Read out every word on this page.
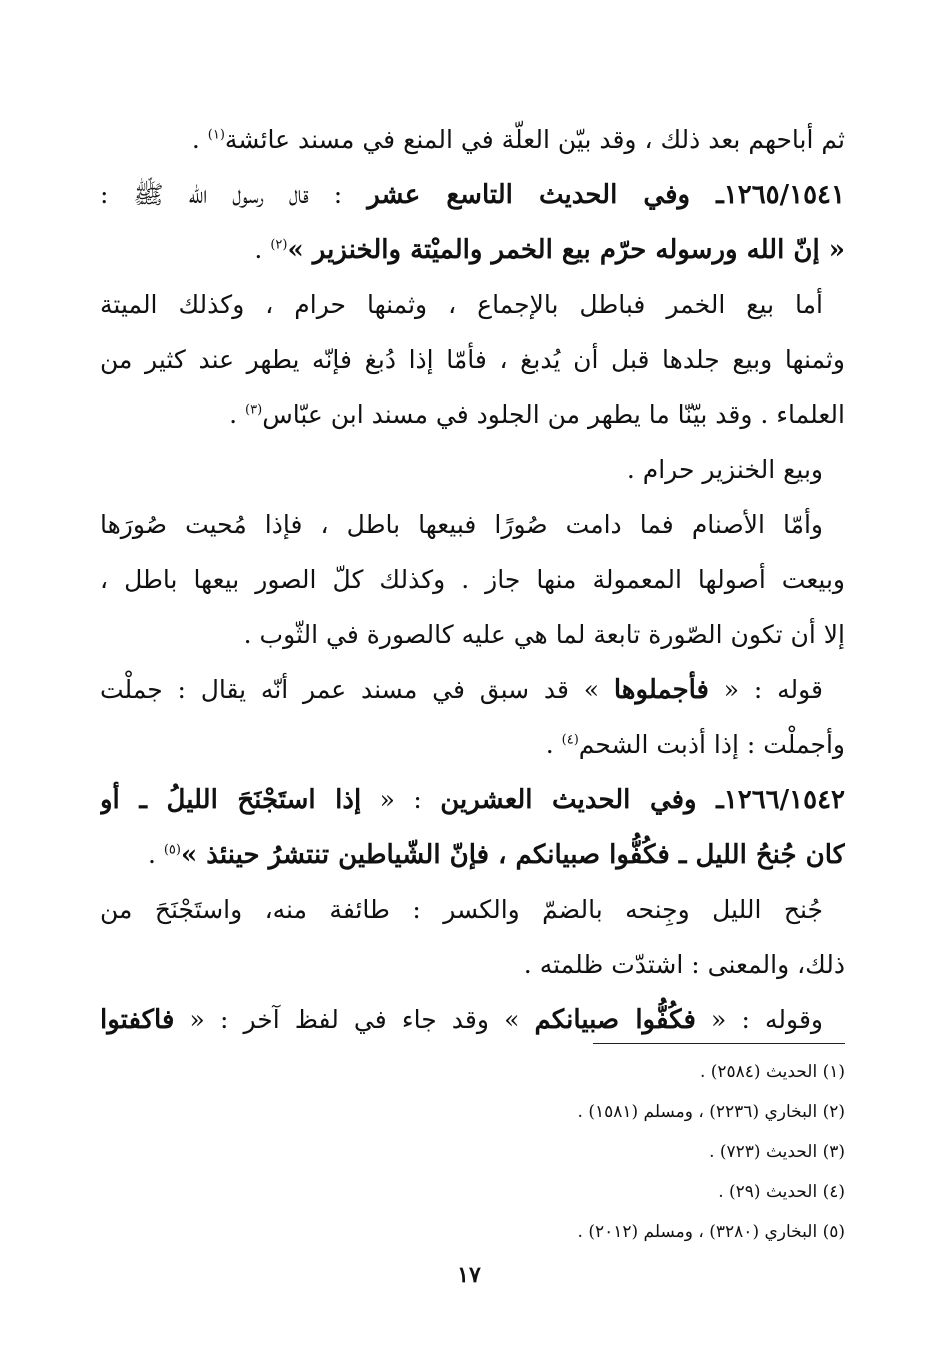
ثم أباحهم بعد ذلك ، وقد بيّن العلّة في المنع في مسند عائشة$^{(١)}$ .
١٢٦٥/١٥٤١ـ وفي الحديث التاسع عشر : قال رسول الله ﷺ :
« إنّ الله ورسوله حرّم بيع الخمر والميْتة والخنزير »$^{(٢)}$ .
أما بيع الخمر فباطل بالإجماع ، وثمنها حرام ، وكذلك الميتة
وثمنها وبيع جلدها قبل أن يُدبغ ، فأمّا إذا دُبغ فإنّه يطهر عند كثير من
العلماء . وقد بيّنّا ما يطهر من الجلود في مسند ابن عبّاس$^{(٣)}$ .
وبيع الخنزير حرام .
وأمّا الأصنام فما دامت صُورًا فبيعها باطل ، فإذا مُحيت صُورَها
وبيعت أصولها المعمولة منها جاز . وكذلك كلّ الصور بيعها باطل ،
إلا أن تكون الصّورة تابعة لما هي عليه كالصورة في الثّوب .
قوله : « فأجملوها » قد سبق في مسند عمر أنّه يقال : جملْت
وأجملْت : إذا أذبت الشحم$^{(٤)}$ .
١٢٦٦/١٥٤٢ـ وفي الحديث العشرين : « إذا استَجْنَحَ الليلُ ـ أو
كان جُنحُ الليل ـ فكُفُّوا صبيانكم ، فإنّ الشّياطين تنتشرُ حينئذ »$^{(٥)}$ .
جُنح الليل وجِنحه بالضمّ والكسر : طائفة منه، واستَجْنَحَ من
ذلك، والمعنى : اشتدّت ظلمته .
وقوله : « فكُفُّوا صبيانكم » وقد جاء في لفظ آخر : « فاكفتوا
(١) الحديث (٢٥٨٤) .
(٢) البخاري (٢٢٣٦) ، ومسلم (١٥٨١) .
(٣) الحديث (٧٢٣) .
(٤) الحديث (٢٩) .
(٥) البخاري (٣٢٨٠) ، ومسلم (٢٠١٢) .
١٧
